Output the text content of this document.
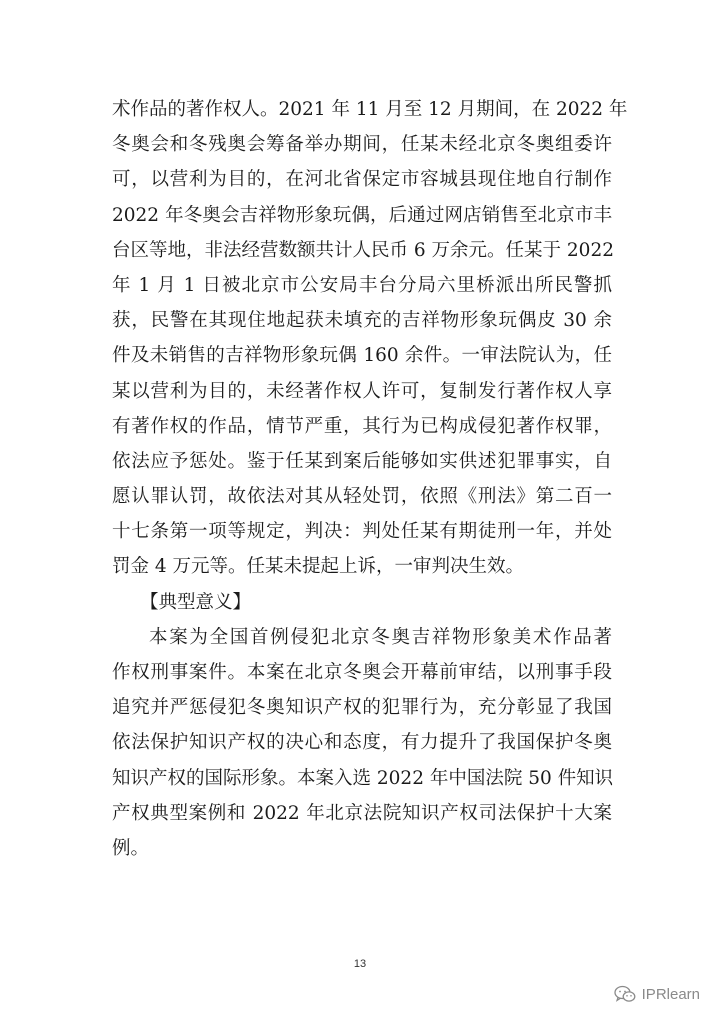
术作品的著作权人。2021 年 11 月至 12 月期间，在 2022 年
冬奥会和冬残奥会筹备举办期间，任某未经北京冬奥组委许
可，以营利为目的，在河北省保定市容城县现住地自行制作
2022 年冬奥会吉祥物形象玩偶，后通过网店销售至北京市丰
台区等地，非法经营数额共计人民币 6 万余元。任某于 2022
年 1 月 1 日被北京市公安局丰台分局六里桥派出所民警抓
获，民警在其现住地起获未填充的吉祥物形象玩偶皮 30 余
件及未销售的吉祥物形象玩偶 160 余件。一审法院认为，任
某以营利为目的，未经著作权人许可，复制发行著作权人享
有著作权的作品，情节严重，其行为已构成侵犯著作权罪，
依法应予惩处。鉴于任某到案后能够如实供述犯罪事实，自
愿认罪认罚，故依法对其从轻处罚，依照《刑法》第二百一
十七条第一项等规定，判决：判处任某有期徒刑一年，并处
罚金 4 万元等。任某未提起上诉，一审判决生效。
【典型意义】
本案为全国首例侵犯北京冬奥吉祥物形象美术作品著
作权刑事案件。本案在北京冬奥会开幕前审结，以刑事手段
追究并严惩侵犯冬奥知识产权的犯罪行为，充分彰显了我国
依法保护知识产权的决心和态度，有力提升了我国保护冬奥
知识产权的国际形象。本案入选 2022 年中国法院 50 件知识
产权典型案例和 2022 年北京法院知识产权司法保护十大案
例。
13
IPRlearn
